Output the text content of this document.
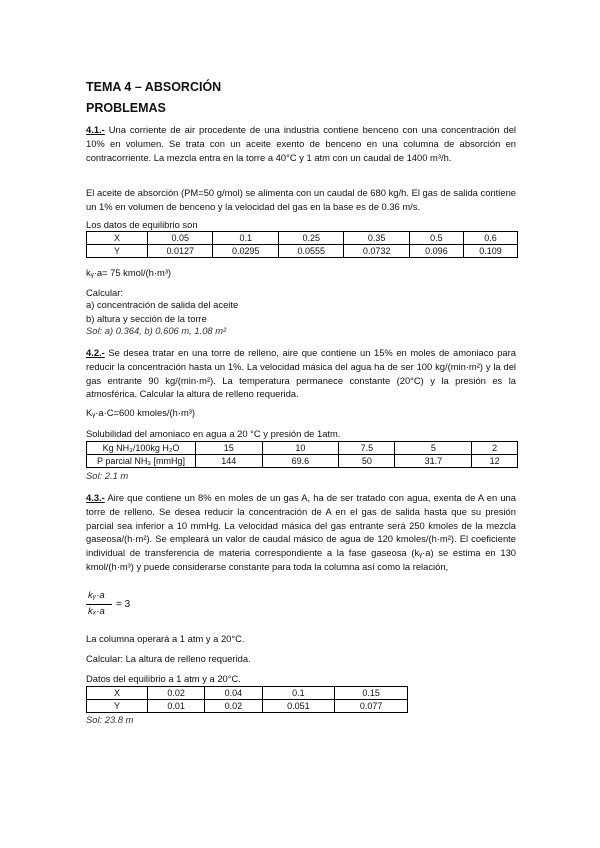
TEMA 4 – ABSORCIÓN
PROBLEMAS
4.1.- Una corriente de air procedente de una industria contiene benceno con una concentración del 10% en volumen. Se trata con un aceite exento de benceno en una columna de absorción en contracorriente. La mezcla entra en la torre a 40°C y 1 atm con un caudal de 1400 m³/h.
El aceite de absorción (PM=50 g/mol) se alimenta con un caudal de 680 kg/h. El gas de salida contiene un 1% en volumen de benceno y la velocidad del gas en la base es de 0.36 m/s.
Los datos de equilibrio son
X	0.05	0.1	0.25	0.35	0.5	0.6
Y	0.0127	0.0295	0.0555	0.0732	0.096	0.109
kᵧ·a= 75 kmol/(h·m³)
Calcular:
a) concentración de salida del aceite
b) altura y sección de la torre
Sol: a) 0.364, b) 0.606 m, 1.08 m²
4.2.- Se desea tratar en una torre de relleno, aire que contiene un 15% en moles de amoniaco para reducir la concentración hasta un 1%. La velocidad másica del agua ha de ser 100 kg/(min·m²) y la del gas entrante 90 kg/(min·m²). La temperatura permanece constante (20°C) y la presión es la atmosférica. Calcular la altura de relleno requerida.
Kᵧ·a·C=600 kmoles/(h·m³)
Solubilidad del amoniaco en agua a 20 °C y presión de 1atm.
Kg NH₃/100kg H₂O	15	10	7.5	5	2
P parcial NH₃ [mmHg]	144	69.6	50	31.7	12
Sol: 2.1 m
4.3.- Aire que contiene un 8% en moles de un gas A, ha de ser tratado con agua, exenta de A en una torre de relleno. Se desea reducir la concentración de A en el gas de salida hasta que su presión parcial sea inferior a 10 mmHg. La velocidad másica del gas entrante será 250 kmoles de la mezcla gaseosa/(h·m²). Se empleará un valor de caudal másico de agua de 120 kmoles/(h·m²). El coeficiente individual de transferencia de materia correspondiente a la fase gaseosa (kᵧ·a) se estima en 130 kmol/(h·m³) y puede considerarse constante para toda la columna así como la relación,
kᵧ·a
kₓ·a
= 3
La columna operará a 1 atm y a 20°C.
Calcular: La altura de relleno requerida.
Datos del equilibrio a 1 atm y a 20°C.
X	0.02	0.04	0.1	0.15
Y	0.01	0.02	0.051	0.077
Sol: 23.8 m
